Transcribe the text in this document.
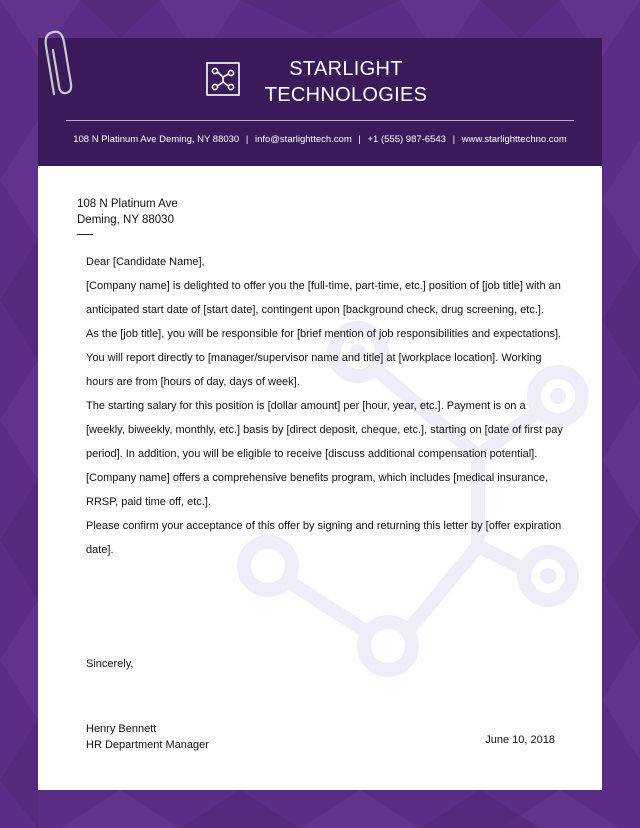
STARLIGHT
TECHNOLOGIES
108 N Platinum Ave Deming, NY 88030 | info@starlighttech.com | +1 (555) 987-6543 | www.starlighttechno.com
108 N Platinum Ave
Deming, NY 88030

Dear [Candidate Name],

[Company name] is delighted to offer you the [full-time, part-time, etc.] position of [job title] with an anticipated start date of [start date], contingent upon [background check, drug screening, etc.].

As the [job title], you will be responsible for [brief mention of job responsibilities and expectations].

You will report directly to [manager/supervisor name and title] at [workplace location]. Working hours are from [hours of day, days of week].

The starting salary for this position is [dollar amount] per [hour, year, etc.]. Payment is on a [weekly, biweekly, monthly, etc.] basis by [direct deposit, cheque, etc.], starting on [date of first pay period]. In addition, you will be eligible to receive [discuss additional compensation potential].

[Company name] offers a comprehensive benefits program, which includes [medical insurance, RRSP, paid time off, etc.].

Please confirm your acceptance of this offer by signing and returning this letter by [offer expiration date].

Sincerely,
Henry Bennett
HR Department Manager	June 10, 2018
